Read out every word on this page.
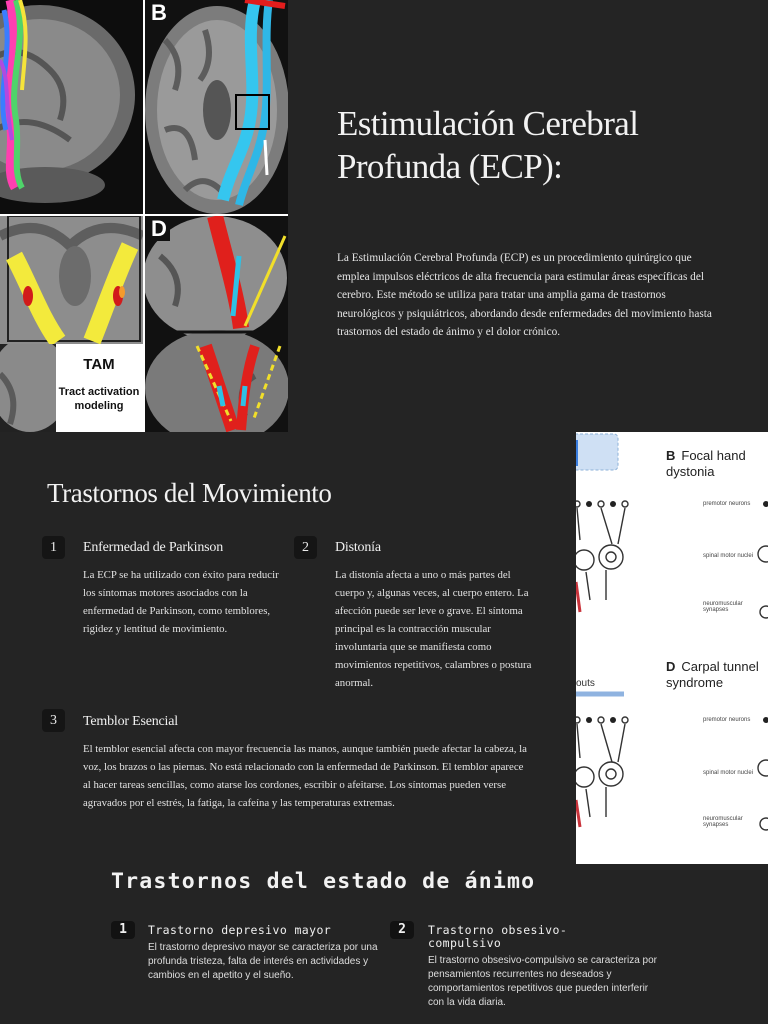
B
TAM
Tract activation modeling
D
Estimulación Cerebral
Profunda (ECP):

La Estimulación Cerebral Profunda (ECP) es un procedimiento quirúrgico que emplea impulsos eléctricos de alta frecuencia para estimular áreas específicas del cerebro. Este método se utiliza para tratar una amplia gama de trastornos neurológicos y psiquiátricos, abordando desde enfermedades del movimiento hasta trastornos del estado de ánimo y el dolor crónico.

Trastornos del Movimiento
1	Enfermedad de Parkinson

La ECP se ha utilizado con éxito para reducir los síntomas motores asociados con la enfermedad de Parkinson, como temblores, rigidez y lentitud de movimiento.

2	Distonía

La distonía afecta a uno o más partes del cuerpo y, algunas veces, al cuerpo entero. La afección puede ser leve o grave. El síntoma principal es la contracción muscular involuntaria que se manifiesta como movimientos repetitivos, calambres o postura anormal.

3	Temblor Esencial

El temblor esencial afecta con mayor frecuencia las manos, aunque también puede afectar la cabeza, la voz, los brazos o las piernas. No está relacionado con la enfermedad de Parkinson. El temblor aparece al hacer tareas sencillas, como atarse los cordones, escribir o afeitarse. Los síntomas pueden verse agravados por el estrés, la fatiga, la cafeína y las temperaturas extremas.

B Focal hand
dystonia
premotor neurons
spinal motor nuclei
neuromuscular synapses
outs
D Carpal tunnel
syndrome
premotor neurons
spinal motor nuclei
neuromuscular synapses
Trastornos del estado de ánimo
1	Trastorno depresivo mayor

El trastorno depresivo mayor se caracteriza por una profunda tristeza, falta de interés en actividades y cambios en el apetito y el sueño.

2	Trastorno obsesivo-
compulsivo

El trastorno obsesivo-compulsivo se caracteriza por pensamientos recurrentes no deseados y comportamientos repetitivos que pueden interferir con la vida diaria.
